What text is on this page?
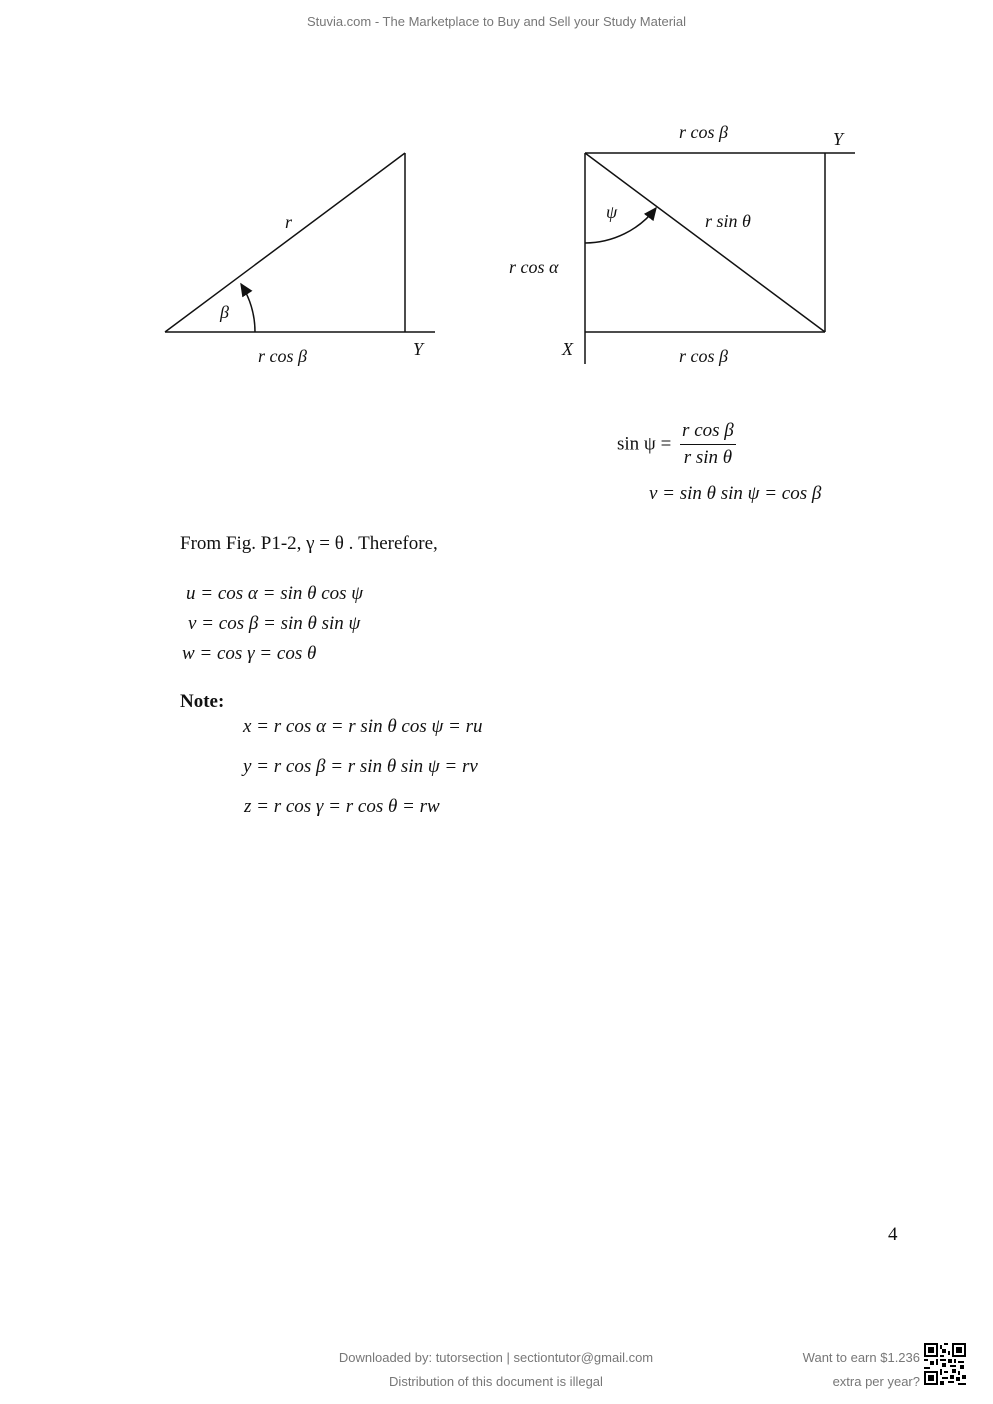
Stuvia.com - The Marketplace to Buy and Sell your Study Material
r
β
r cos β	Y
r cos β	Y
ψ	r sin θ
r cos α
X	r cos β
$\sin \psi = \frac{\text{r cos β}}{\text{r sin θ}}$
v = sin θ sin ψ = cos β
From Fig. P1-2, γ = θ . Therefore,
u = cos α = sin θ cos ψ
v = cos β = sin θ sin ψ
w = cos γ = cos θ
Note:
x = r cos α = r sin θ cos ψ = ru
y = r cos β = r sin θ sin ψ = rv
z = r cos γ = r cos θ = rw
4
Downloaded by: tutorsection | sectiontutor@gmail.com
Distribution of this document is illegal
Want to earn $1.236
extra per year?
